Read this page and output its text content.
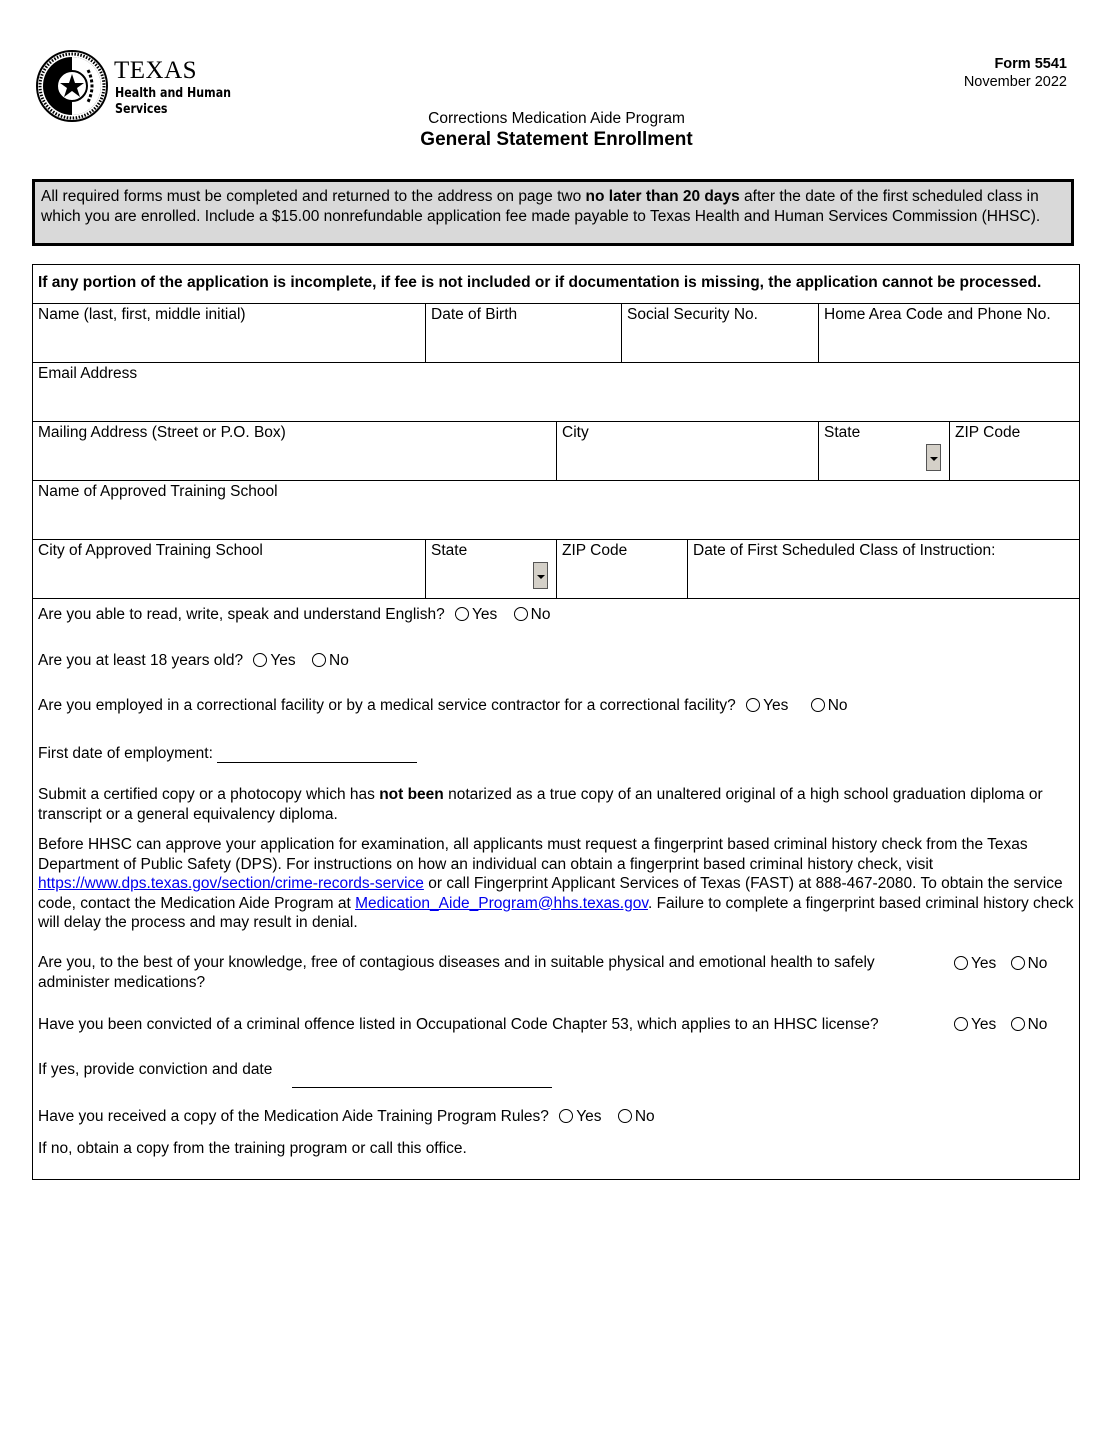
TEXAS
Health and Human
Services
Form 5541
November 2022
Corrections Medication Aide Program
General Statement Enrollment
All required forms must be completed and returned to the address on page two no later than 20 days after the date of the first scheduled class in which you are enrolled. Include a $15.00 nonrefundable application fee made payable to Texas Health and Human Services Commission (HHSC).
If any portion of the application is incomplete, if fee is not included or if documentation is missing, the application cannot be processed.
Name (last, first, middle initial)	Date of Birth	Social Security No.	Home Area Code and Phone No.
Email Address
Mailing Address (Street or P.O. Box)	City	State	ZIP Code
Name of Approved Training School
City of Approved Training School	State	ZIP Code	Date of First Scheduled Class of Instruction:
Are you able to read, write, speak and understand English? Yes No
Are you at least 18 years old? Yes No
Are you employed in a correctional facility or by a medical service contractor for a correctional facility? Yes	No
First date of employment:
Submit a certified copy or a photocopy which has not been notarized as a true copy of an unaltered original of a high school graduation diploma or transcript or a general equivalency diploma.
Before HHSC can approve your application for examination, all applicants must request a fingerprint based criminal history check from the Texas Department of Public Safety (DPS). For instructions on how an individual can obtain a fingerprint based criminal history check, visit https://www.dps.texas.gov/section/crime-records-service or call Fingerprint Applicant Services of Texas (FAST) at 888-467-2080. To obtain the service code, contact the Medication Aide Program at Medication_Aide_Program@hhs.texas.gov. Failure to complete a fingerprint based criminal history check will delay the process and may result in denial.
Are you, to the best of your knowledge, free of contagious diseases and in suitable physical and emotional health to safely administer medications?
Yes No
Have you been convicted of a criminal offence listed in Occupational Code Chapter 53, which applies to an HHSC license?	Yes No
If yes, provide conviction and date
Have you received a copy of the Medication Aide Training Program Rules? Yes No
If no, obtain a copy from the training program or call this office.
